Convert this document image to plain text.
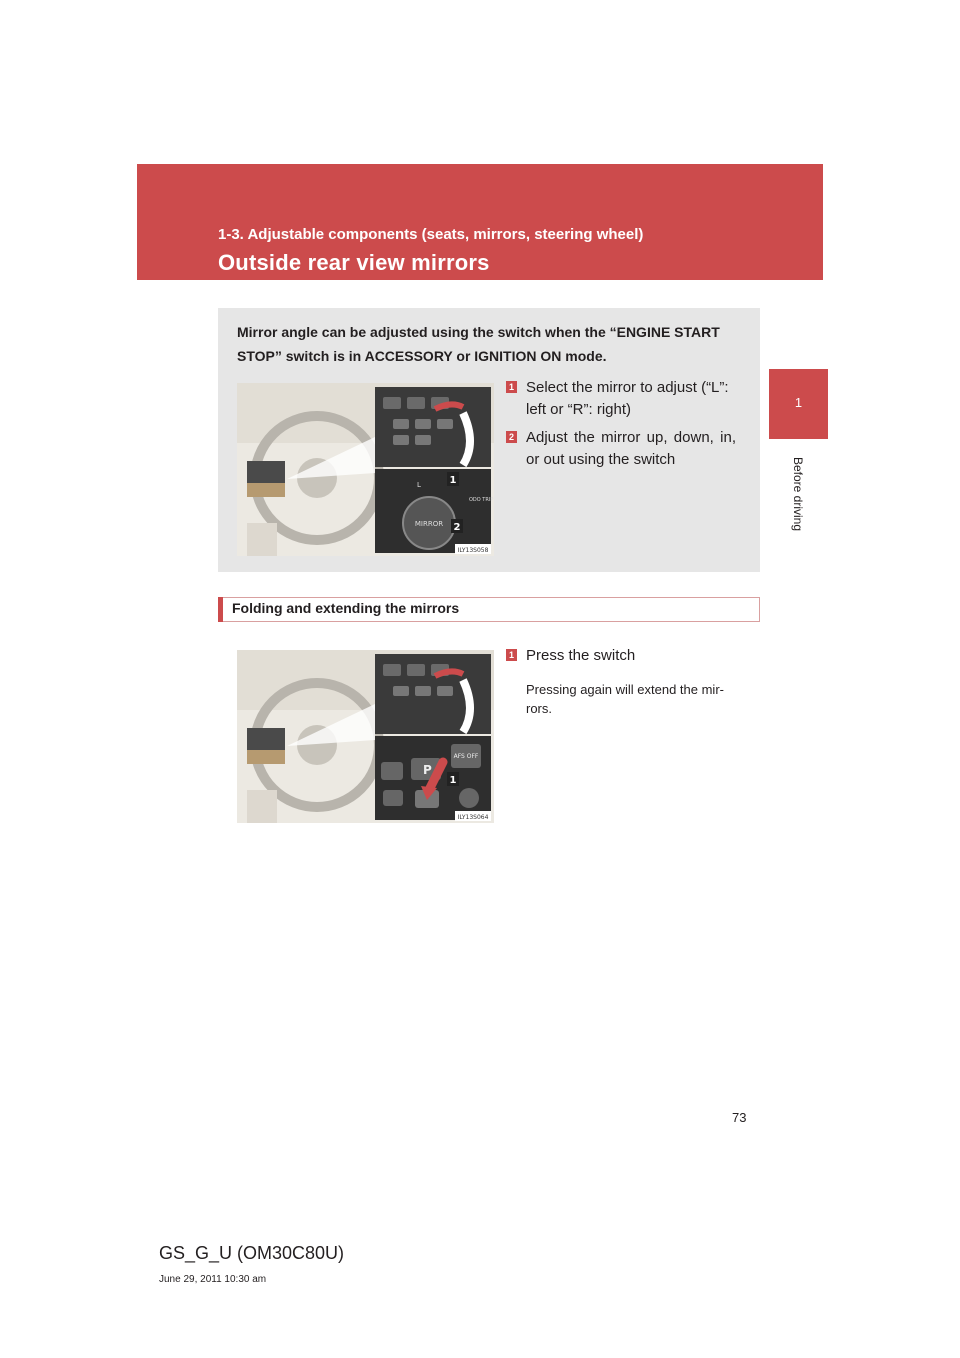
1-3. Adjustable components (seats, mirrors, steering wheel)
Outside rear view mirrors
1
Before driving
Mirror angle can be adjusted using the switch when the “ENGINE START STOP” switch is in ACCESSORY or IGNITION ON mode.
MIRROR
L
ODO TRIP
1
2
ILY13S058
1 Select the mirror to adjust (“L”: left or “R”: right)
2 Adjust the mirror up, down, in, or out using the switch
Folding and extending the mirrors
P
AFS OFF
1
ILY13S064
1 Press the switch
Pressing again will extend the mir- rors.
73
GS_G_U (OM30C80U)
June 29, 2011 10:30 am
